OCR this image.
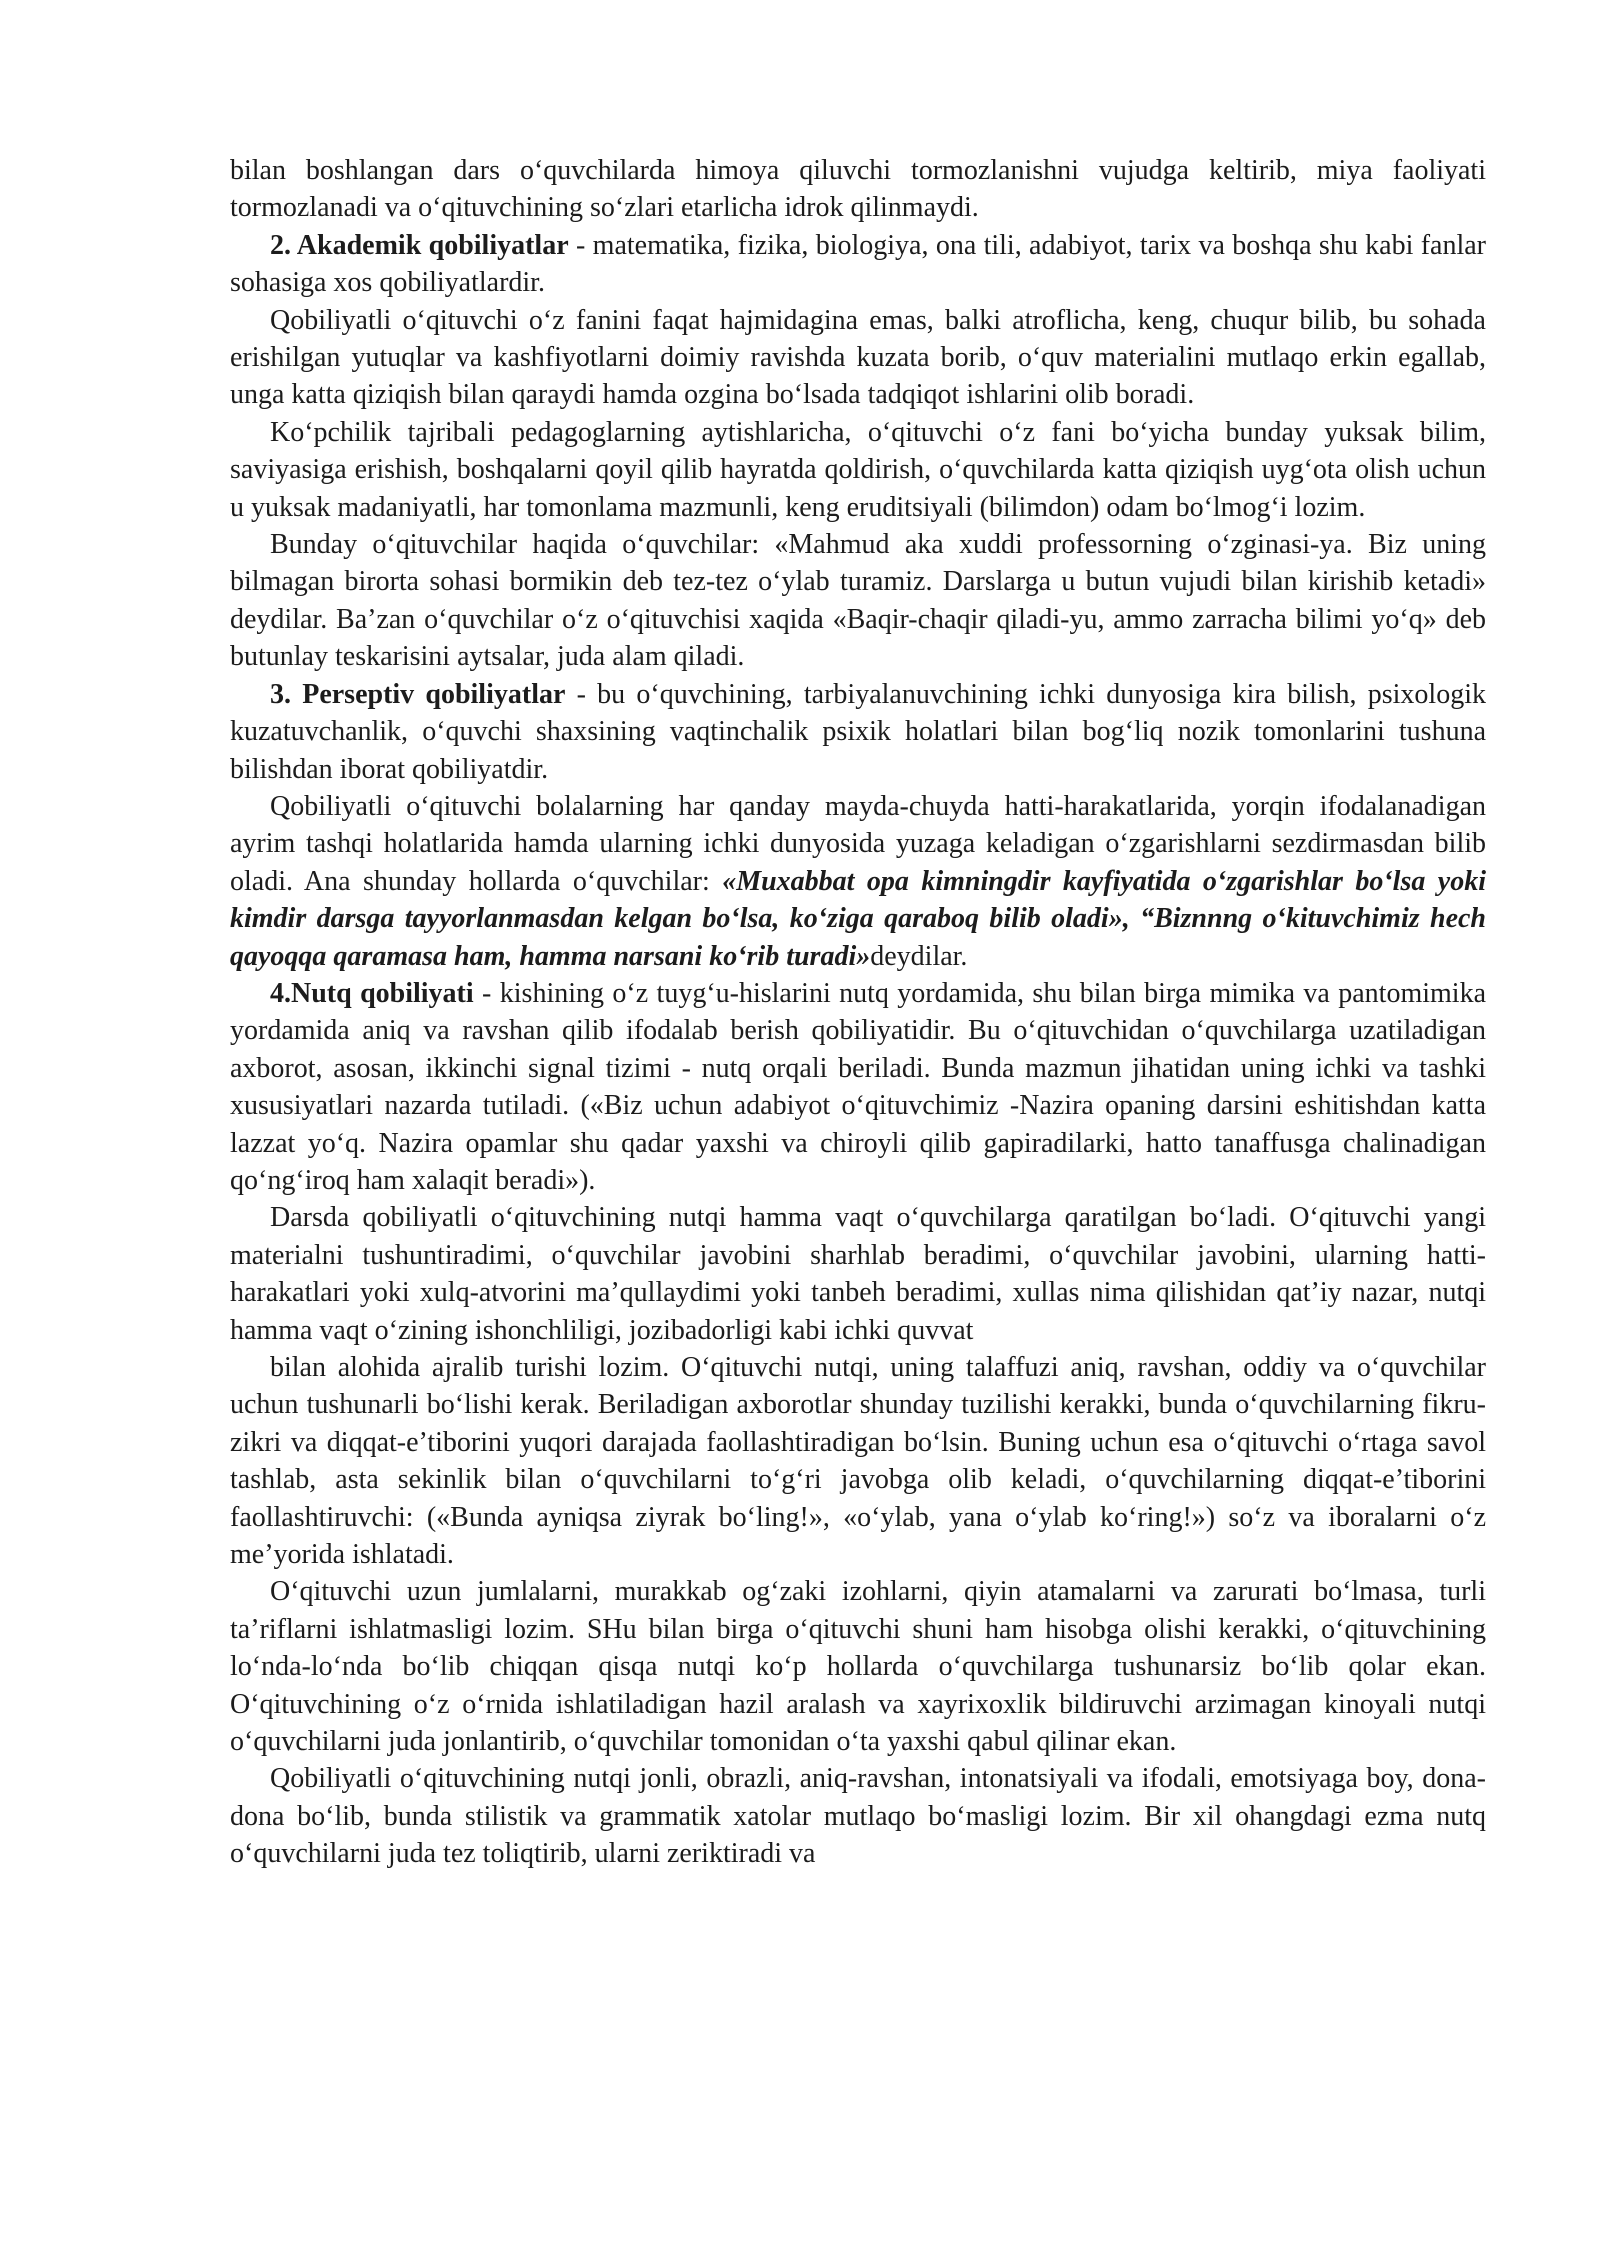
bilan boshlangan dars o‘quvchilarda himoya qiluvchi tormozlanishni vujudga keltirib, miya faoliyati tormozlanadi va o‘qituvchining so‘zlari etarlicha idrok qilinmaydi.

2. Akademik qobiliyatlar - matematika, fizika, biologiya, ona tili, adabiyot, tarix va boshqa shu kabi fanlar sohasiga xos qobiliyatlardir.

Qobiliyatli o‘qituvchi o‘z fanini faqat hajmidagina emas, balki atroflicha, keng, chuqur bilib, bu sohada erishilgan yutuqlar va kashfiyotlarni doimiy ravishda kuzata borib, o‘quv materialini mutlaqo erkin egallab, unga katta qiziqish bilan qaraydi hamda ozgina bo‘lsada tadqiqot ishlarini olib boradi.

Ko‘pchilik tajribali pedagoglarning aytishlaricha, o‘qituvchi o‘z fani bo‘yicha bunday yuksak bilim, saviyasiga erishish, boshqalarni qoyil qilib hayratda qoldirish, o‘quvchilarda katta qiziqish uyg‘ota olish uchun u yuksak madaniyatli, har tomonlama mazmunli, keng eruditsiyali (bilimdon) odam bo‘lmog‘i lozim.

Bunday o‘qituvchilar haqida o‘quvchilar: «Mahmud aka xuddi professorning o‘zginasi-ya. Biz uning bilmagan birorta sohasi bormikin deb tez-tez o‘ylab turamiz. Darslarga u butun vujudi bilan kirishib ketadi» deydilar. Ba’zan o‘quvchilar o‘z o‘qituvchisi xaqida «Baqir-chaqir qiladi-yu, ammo zarracha bilimi yo‘q» deb butunlay teskarisini aytsalar, juda alam qiladi.

3. Perseptiv qobiliyatlar - bu o‘quvchining, tarbiyalanuvchining ichki dunyosiga kira bilish, psixologik kuzatuvchanlik, o‘quvchi shaxsining vaqtinchalik psixik holatlari bilan bog‘liq nozik tomonlarini tushuna bilishdan iborat qobiliyatdir.

Qobiliyatli o‘qituvchi bolalarning har qanday mayda-chuyda hatti-harakatlarida, yorqin ifodalanadigan ayrim tashqi holatlarida hamda ularning ichki dunyosida yuzaga keladigan o‘zgarishlarni sezdirmasdan bilib oladi. Ana shunday hollarda o‘quvchilar: «Muxabbat opa kimningdir kayfiyatida o‘zgarishlar bo‘lsa yoki kimdir darsga tayyorlanmasdan kelgan bo‘lsa, ko‘ziga qaraboq bilib oladi», “Biznnng o‘kituvchimiz hech qayoqqa qaramasa ham, hamma narsani ko‘rib turadi»deydilar.

4.Nutq qobiliyati - kishining o‘z tuyg‘u-hislarini nutq yordamida, shu bilan birga mimika va pantomimika yordamida aniq va ravshan qilib ifodalab berish qobiliyatidir. Bu o‘qituvchidan o‘quvchilarga uzatiladigan axborot, asosan, ikkinchi signal tizimi - nutq orqali beriladi. Bunda mazmun jihatidan uning ichki va tashki xususiyatlari nazarda tutiladi. («Biz uchun adabiyot o‘qituvchimiz -Nazira opaning darsini eshitishdan katta lazzat yo‘q. Nazira opamlar shu qadar yaxshi va chiroyli qilib gapiradilarki, hatto tanaffusga chalinadigan qo‘ng‘iroq ham xalaqit beradi»).

Darsda qobiliyatli o‘qituvchining nutqi hamma vaqt o‘quvchilarga qaratilgan bo‘ladi. O‘qituvchi yangi materialni tushuntiradimi, o‘quvchilar javobini sharhlab beradimi, o‘quvchilar javobini, ularning hatti-harakatlari yoki xulq-atvorini ma’qullaydimi yoki tanbeh beradimi, xullas nima qilishidan qat’iy nazar, nutqi hamma vaqt o‘zining ishonchliligi, jozibadorligi kabi ichki quvvat

bilan alohida ajralib turishi lozim. O‘qituvchi nutqi, uning talaffuzi aniq, ravshan, oddiy va o‘quvchilar uchun tushunarli bo‘lishi kerak. Beriladigan axborotlar shunday tuzilishi kerakki, bunda o‘quvchilarning fikru-zikri va diqqat-e’tiborini yuqori darajada faollashtiradigan bo‘lsin. Buning uchun esa o‘qituvchi o‘rtaga savol tashlab, asta sekinlik bilan o‘quvchilarni to‘g‘ri javobga olib keladi, o‘quvchilarning diqqat-e’tiborini faollashtiruvchi: («Bunda ayniqsa ziyrak bo‘ling!», «o‘ylab, yana o‘ylab ko‘ring!») so‘z va iboralarni o‘z me’yorida ishlatadi.

O‘qituvchi uzun jumlalarni, murakkab og‘zaki izohlarni, qiyin atamalarni va zarurati bo‘lmasa, turli ta’riflarni ishlatmasligi lozim. SHu bilan birga o‘qituvchi shuni ham hisobga olishi kerakki, o‘qituvchining lo‘nda-lo‘nda bo‘lib chiqqan qisqa nutqi ko‘p hollarda o‘quvchilarga tushunarsiz bo‘lib qolar ekan. O‘qituvchining o‘z o‘rnida ishlatiladigan hazil aralash va xayrixoxlik bildiruvchi arzimagan kinoyali nutqi o‘quvchilarni juda jonlantirib, o‘quvchilar tomonidan o‘ta yaxshi qabul qilinar ekan.

Qobiliyatli o‘qituvchining nutqi jonli, obrazli, aniq-ravshan, intonatsiyali va ifodali, emotsiyaga boy, dona-dona bo‘lib, bunda stilistik va grammatik xatolar mutlaqo bo‘masligi lozim. Bir xil ohangdagi ezma nutq o‘quvchilarni juda tez toliqtirib, ularni zeriktiradi va
